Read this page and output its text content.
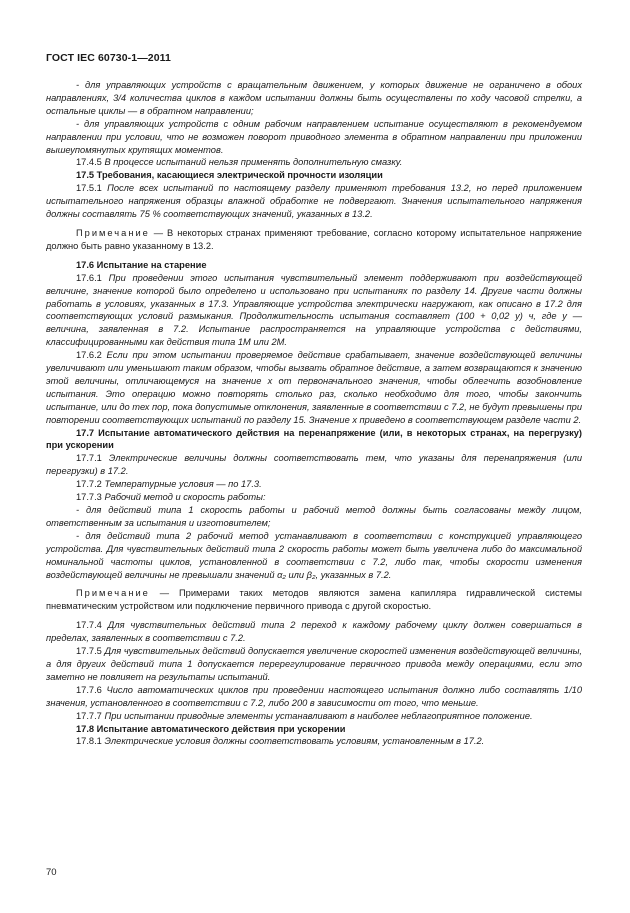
ГОСТ IEC 60730-1—2011

- для управляющих устройств с вращательным движением, у которых движение не ограничено в обоих направлениях, 3/4 количества циклов в каждом испытании должны быть осуществлены по ходу часовой стрелки, а остальные циклы — в обратном направлении;

- для управляющих устройств с одним рабочим направлением испытание осуществляют в рекомендуемом направлении при условии, что не возможен поворот приводного элемента в обратном направлении при приложении вышеупомянутых крутящих моментов.

17.4.5 В процессе испытаний нельзя применять дополнительную смазку.

17.5 Требования, касающиеся электрической прочности изоляции

17.5.1 После всех испытаний по настоящему разделу применяют требования 13.2, но перед приложением испытательного напряжения образцы влажной обработке не подвергают. Значения испытательного напряжения должны составлять 75 % соответствующих значений, указанных в 13.2.

Примечание — В некоторых странах применяют требование, согласно которому испытательное напряжение должно быть равно указанному в 13.2.

17.6 Испытание на старение

17.6.1 При проведении этого испытания чувствительный элемент поддерживают при воздействующей величине, значение которой было определено и использовано при испытаниях по разделу 14. Другие части должны работать в условиях, указанных в 17.3. Управляющие устройства электрически нагружают, как описано в 17.2 для соответствующих условий размыкания. Продолжительность испытания составляет (100 + 0,02 y) ч, где y — величина, заявленная в 7.2. Испытание распространяется на управляющие устройства с действиями, классифицированными как действия типа 1M или 2M.

17.6.2 Если при этом испытании проверяемое действие срабатывает, значение воздействующей величины увеличивают или уменьшают таким образом, чтобы вызвать обратное действие, а затем возвращаются к значению этой величины, отличающемуся на значение x от первоначального значения, чтобы облегчить возобновление испытания. Это операцию можно повторять столько раз, сколько необходимо для того, чтобы закончить испытание, или до тех пор, пока допустимые отклонения, заявленные в соответствии с 7.2, не будут превышены при повторении соответствующих испытаний по разделу 15. Значение x приведено в соответствующем разделе части 2.

17.7 Испытание автоматического действия на перенапряжение (или, в некоторых странах, на перегрузку) при ускорении

17.7.1 Электрические величины должны соответствовать тем, что указаны для перенапряжения (или перегрузки) в 17.2.

17.7.2 Температурные условия — по 17.3.

17.7.3 Рабочий метод и скорость работы:

- для действий типа 1 скорость работы и рабочий метод должны быть согласованы между лицом, ответственным за испытания и изготовителем;

- для действий типа 2 рабочий метод устанавливают в соответствии с конструкцией управляющего устройства. Для чувствительных действий типа 2 скорость работы может быть увеличена либо до максимальной номинальной частоты циклов, установленной в соответствии с 7.2, либо так, чтобы скорости изменения воздействующей величины не превышали значений α₂ или β₂, указанных в 7.2.

Примечание — Примерами таких методов являются замена капилляра гидравлической системы пневматическим устройством или подключение первичного привода с другой скоростью.

17.7.4 Для чувствительных действий типа 2 переход к каждому рабочему циклу должен совершаться в пределах, заявленных в соответствии с 7.2.

17.7.5 Для чувствительных действий допускается увеличение скоростей изменения воздействующей величины, а для других действий типа 1 допускается перерегулирование первичного привода между операциями, если это заметно не повлияет на результаты испытаний.

17.7.6 Число автоматических циклов при проведении настоящего испытания должно либо составлять 1/10 значения, установленного в соответствии с 7.2, либо 200 в зависимости от того, что меньше.

17.7.7 При испытании приводные элементы устанавливают в наиболее неблагоприятное положение.

17.8 Испытание автоматического действия при ускорении

17.8.1 Электрические условия должны соответствовать условиям, установленным в 17.2.

70
